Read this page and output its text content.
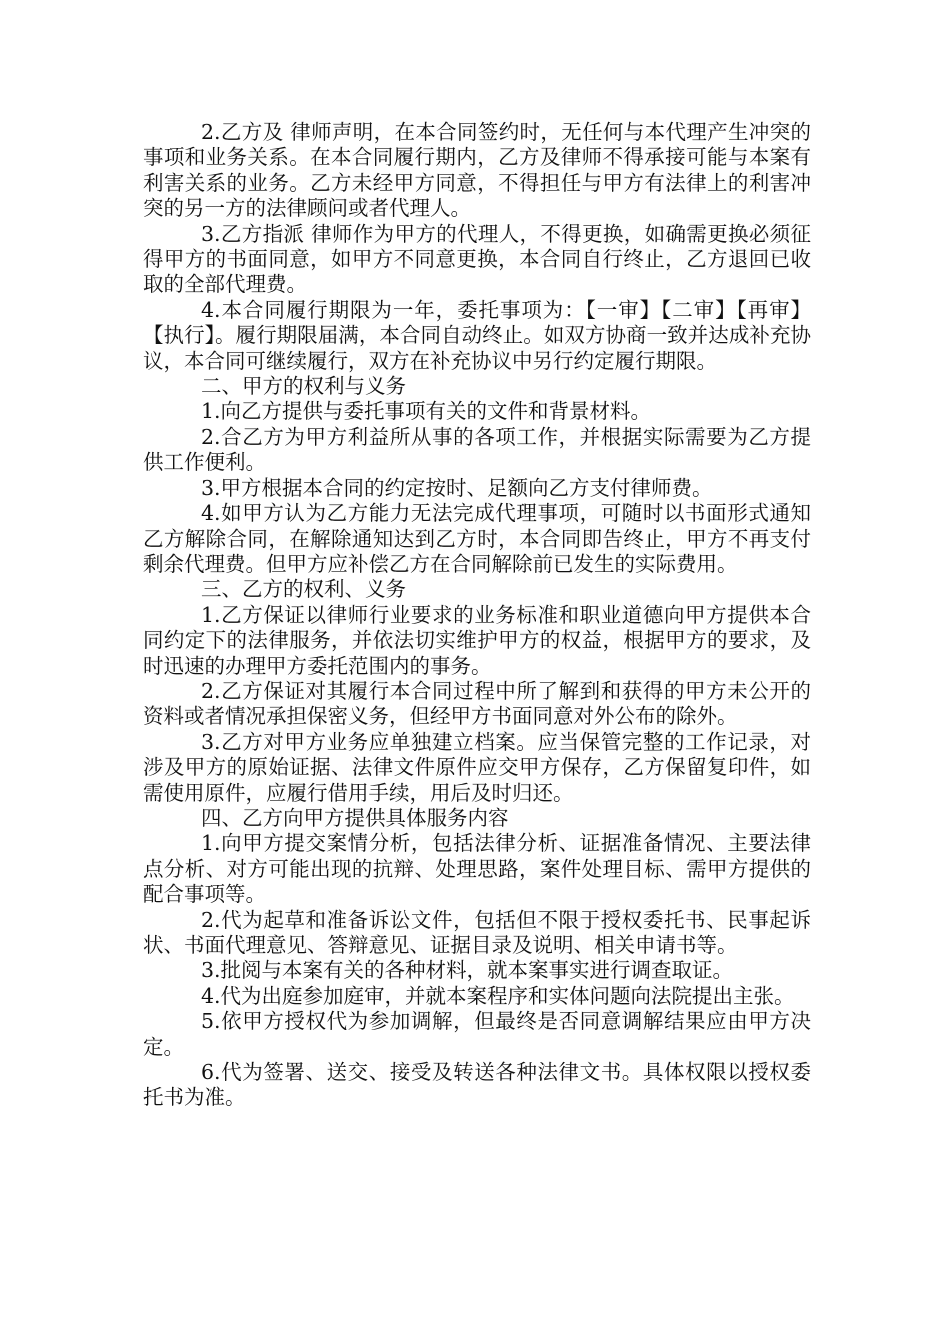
2.乙方及 律师声明，在本合同签约时，无任何与本代理产生冲突的事项和业务关系。在本合同履行期内，乙方及律师不得承接可能与本案有利害关系的业务。乙方未经甲方同意，不得担任与甲方有法律上的利害冲突的另一方的法律顾问或者代理人。

3.乙方指派 律师作为甲方的代理人，不得更换，如确需更换必须征得甲方的书面同意，如甲方不同意更换，本合同自行终止，乙方退回已收取的全部代理费。

4.本合同履行期限为一年，委托事项为：【一审】【二审】【再审】【执行】。履行期限届满，本合同自动终止。如双方协商一致并达成补充协议，本合同可继续履行，双方在补充协议中另行约定履行期限。

二、甲方的权利与义务

1.向乙方提供与委托事项有关的文件和背景材料。

2.合乙方为甲方利益所从事的各项工作，并根据实际需要为乙方提供工作便利。

3.甲方根据本合同的约定按时、足额向乙方支付律师费。

4.如甲方认为乙方能力无法完成代理事项，可随时以书面形式通知乙方解除合同，在解除通知达到乙方时，本合同即告终止，甲方不再支付剩余代理费。但甲方应补偿乙方在合同解除前已发生的实际费用。

三、乙方的权利、义务

1.乙方保证以律师行业要求的业务标准和职业道德向甲方提供本合同约定下的法律服务，并依法切实维护甲方的权益，根据甲方的要求，及时迅速的办理甲方委托范围内的事务。

2.乙方保证对其履行本合同过程中所了解到和获得的甲方未公开的资料或者情况承担保密义务，但经甲方书面同意对外公布的除外。

3.乙方对甲方业务应单独建立档案。应当保管完整的工作记录，对涉及甲方的原始证据、法律文件原件应交甲方保存，乙方保留复印件，如需使用原件，应履行借用手续，用后及时归还。

四、乙方向甲方提供具体服务内容

1.向甲方提交案情分析，包括法律分析、证据准备情况、主要法律点分析、对方可能出现的抗辩、处理思路，案件处理目标、需甲方提供的配合事项等。

2.代为起草和准备诉讼文件，包括但不限于授权委托书、民事起诉状、书面代理意见、答辩意见、证据目录及说明、相关申请书等。

3.批阅与本案有关的各种材料，就本案事实进行调查取证。

4.代为出庭参加庭审，并就本案程序和实体问题向法院提出主张。

5.依甲方授权代为参加调解，但最终是否同意调解结果应由甲方决定。

6.代为签署、送交、接受及转送各种法律文书。具体权限以授权委托书为准。
